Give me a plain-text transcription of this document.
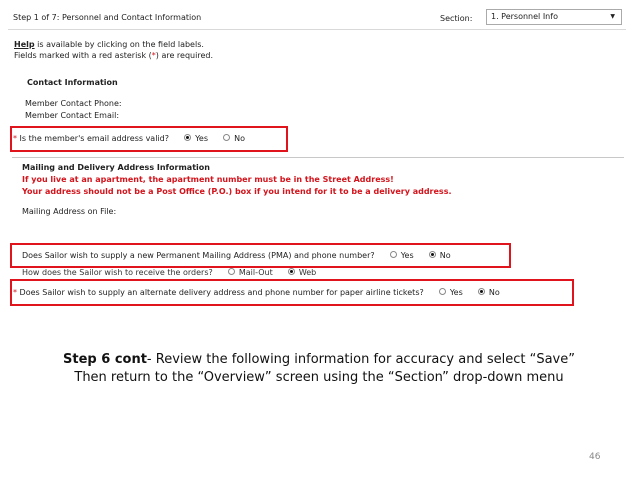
Step 1 of 7: Personnel and Contact Information	Section:	1. Personnel Info	▼
Help is available by clicking on the field labels.
Fields marked with a red asterisk (*) are required.
Contact Information
Member Contact Phone:
Member Contact Email:
* Is the member's email address valid?	Yes	No
Mailing and Delivery Address Information
If you live at an apartment, the apartment number must be in the Street Address!
Your address should not be a Post Office (P.O.) box if you intend for it to be a delivery address.
Mailing Address on File:
Does Sailor wish to supply a new Permanent Mailing Address (PMA) and phone number?	Yes	No
How does the Sailor wish to receive the orders?	Mail-Out	Web
* Does Sailor wish to supply an alternate delivery address and phone number for paper airline tickets?	Yes	No
Step 6 cont- Review the following information for accuracy and select “Save”
Then return to the “Overview” screen using the “Section” drop-down menu
46
